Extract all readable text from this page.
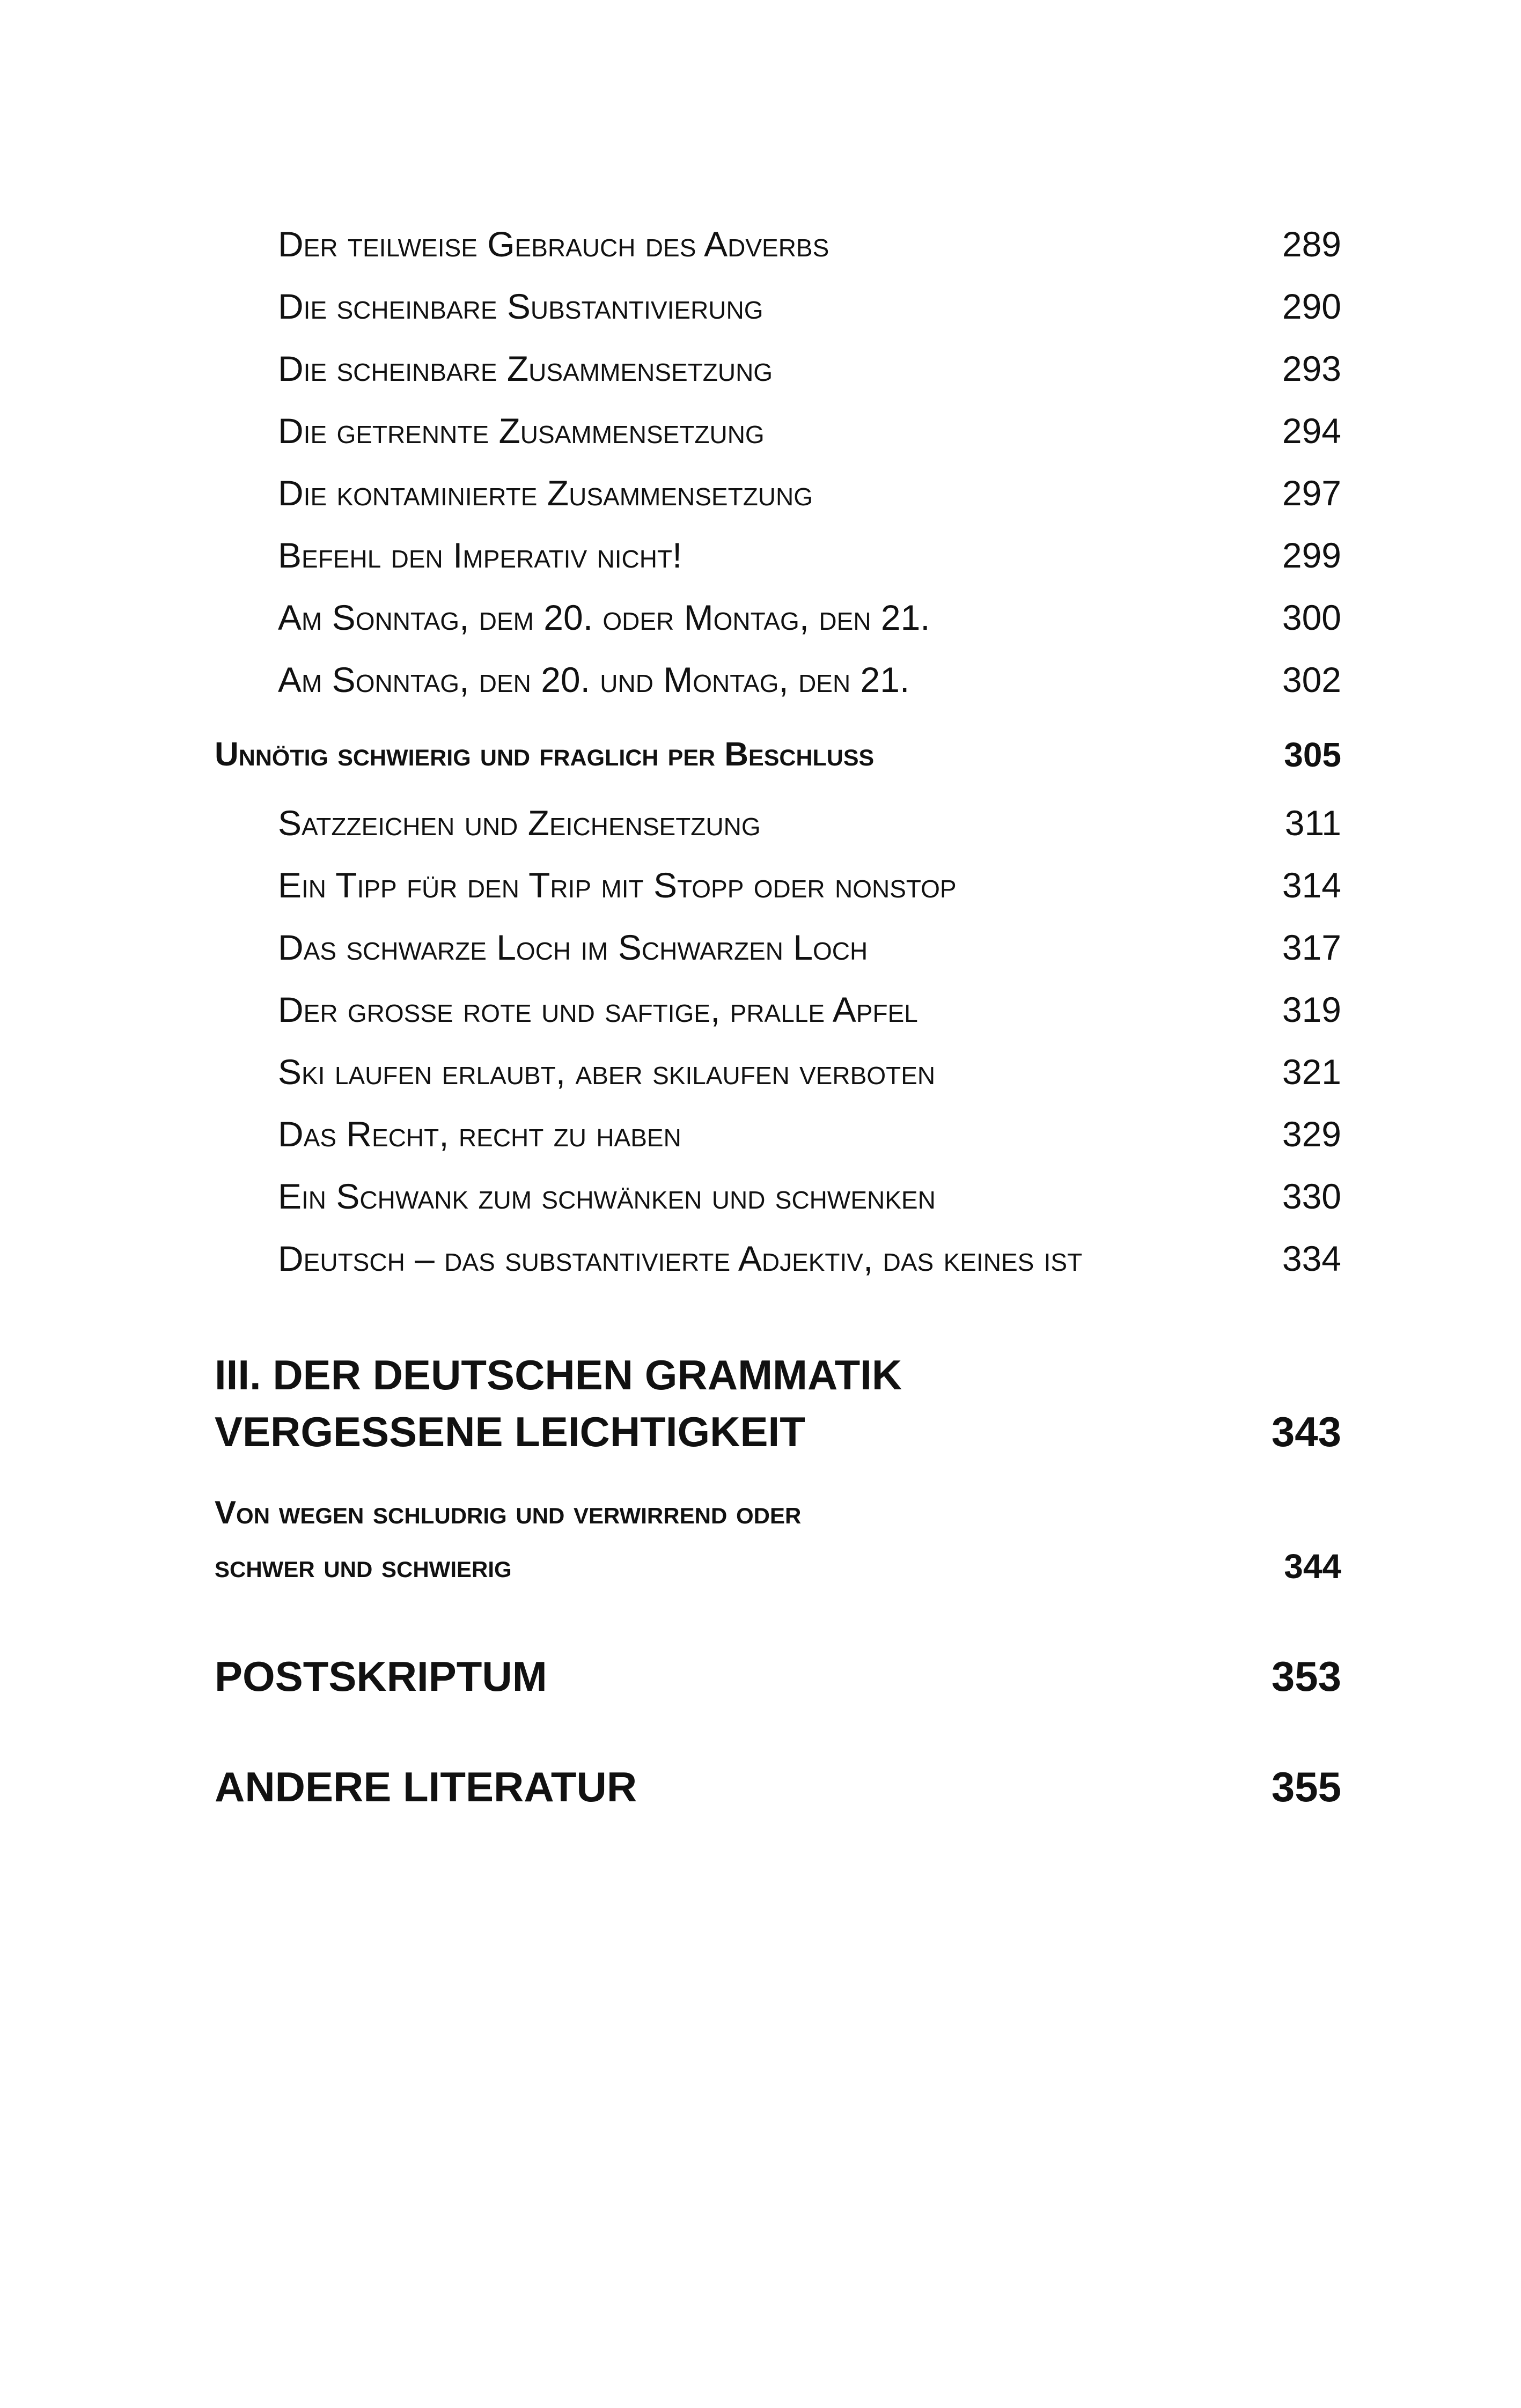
Der teilweise Gebrauch des Adverbs	289
Die scheinbare Substantivierung	290
Die scheinbare Zusammensetzung	293
Die getrennte Zusammensetzung	294
Die kontaminierte Zusammensetzung	297
Befehl den Imperativ nicht!	299
Am Sonntag, dem 20. oder Montag, den 21.	300
Am Sonntag, den 20. und Montag, den 21.	302
Unnötig schwierig und fraglich per Beschluss	305
Satzzeichen und Zeichensetzung	311
Ein Tipp für den Trip mit Stopp oder nonstop	314
Das schwarze Loch im Schwarzen Loch	317
Der große rote und saftige, pralle Apfel	319
Ski laufen erlaubt, aber skilaufen verboten	321
Das Recht, recht zu haben	329
Ein Schwank zum schwänken und schwenken	330
Deutsch – das substantivierte Adjektiv, das keines ist	334
III. DER DEUTSCHEN GRAMMATIK
VERGESSENE LEICHTIGKEIT	343
Von wegen schludrig und verwirrend oder
schwer und schwierig	344
POSTSKRIPTUM	353
ANDERE LITERATUR	355
